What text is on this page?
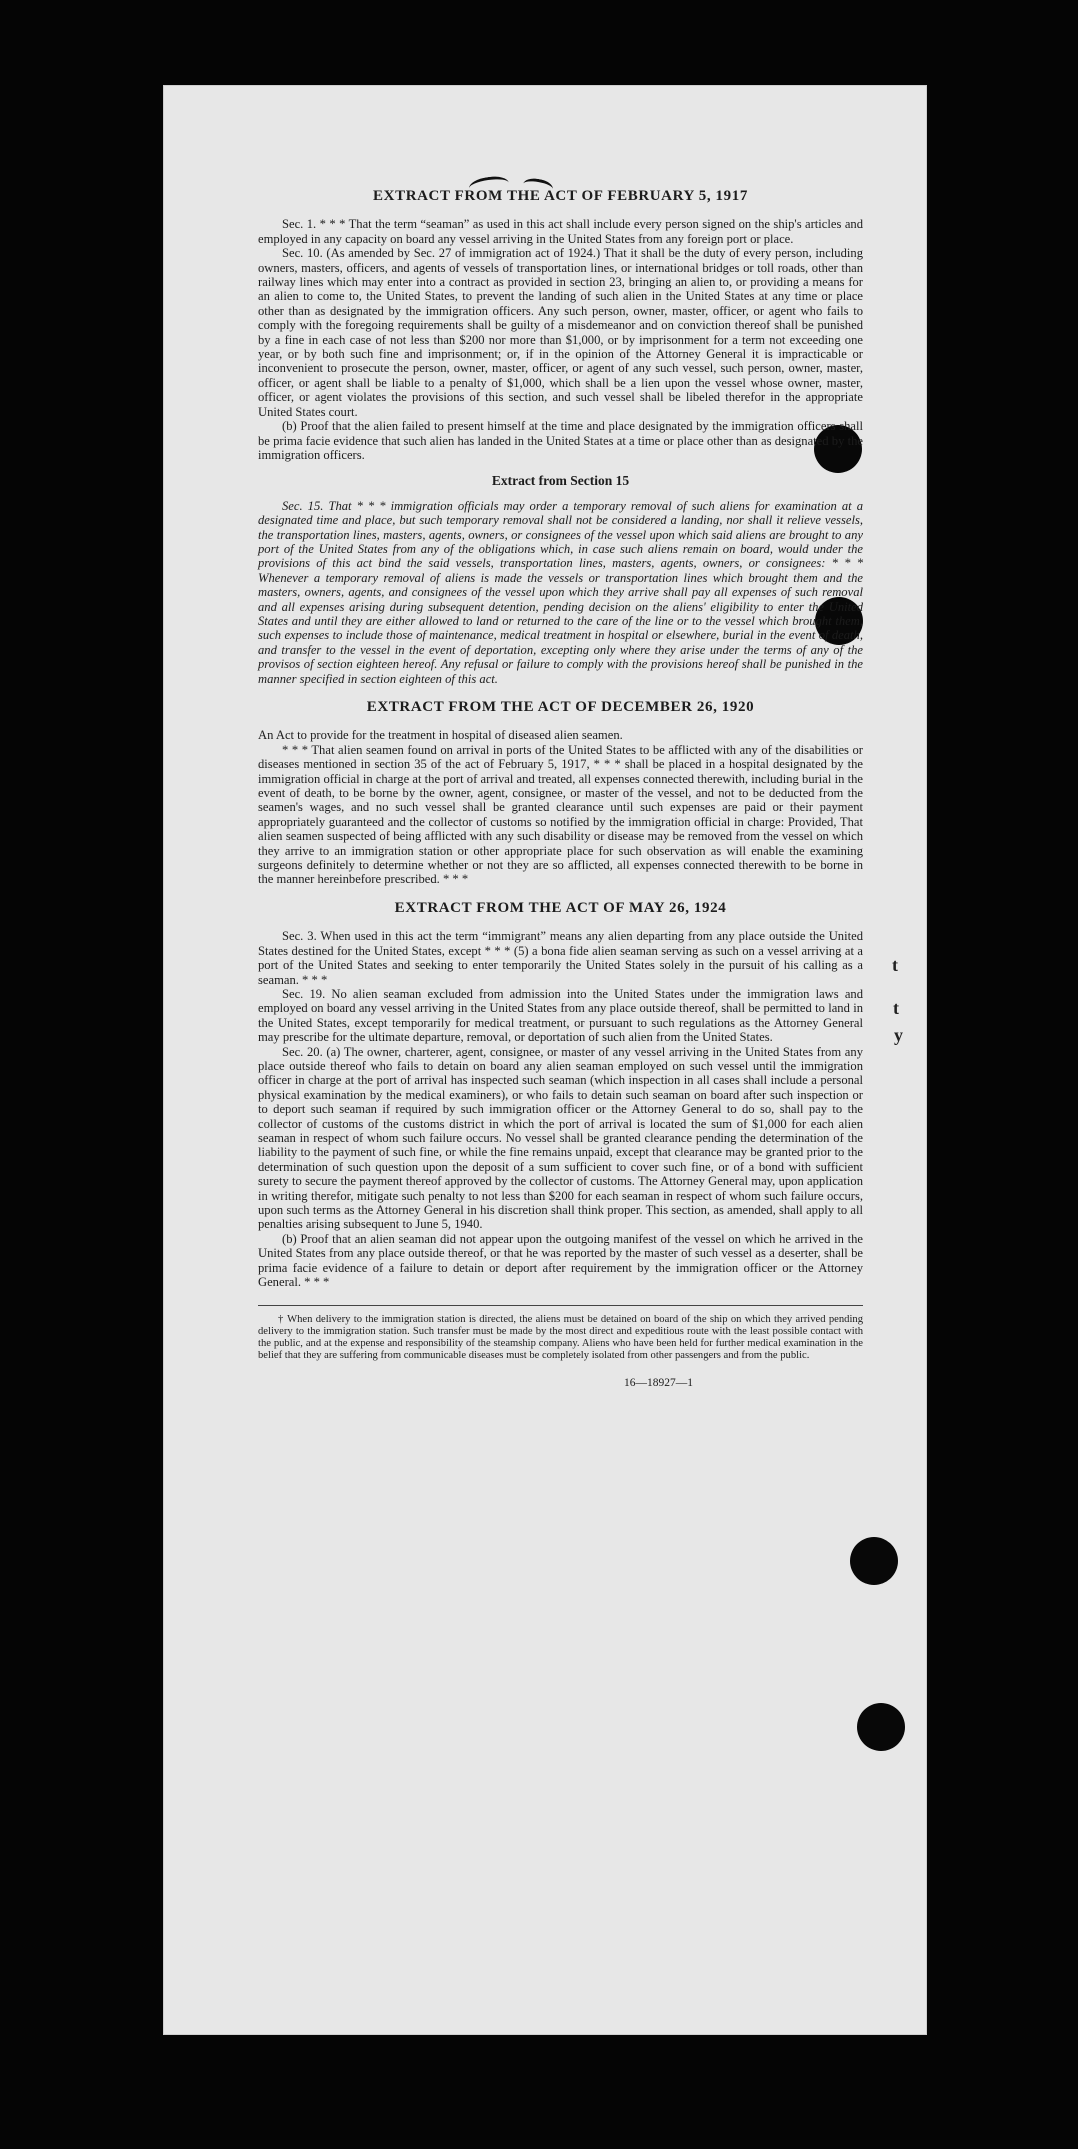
t
t
y
EXTRACT FROM THE ACT OF FEBRUARY 5, 1917

Sec. 1. * * * That the term “seaman” as used in this act shall include every person signed on the ship's articles and employed in any capacity on board any vessel arriving in the United States from any foreign port or place.

Sec. 10. (As amended by Sec. 27 of immigration act of 1924.) That it shall be the duty of every person, including owners, masters, officers, and agents of vessels of transportation lines, or international bridges or toll roads, other than railway lines which may enter into a contract as provided in section 23, bringing an alien to, or providing a means for an alien to come to, the United States, to prevent the landing of such alien in the United States at any time or place other than as designated by the immigration officers. Any such person, owner, master, officer, or agent who fails to comply with the foregoing requirements shall be guilty of a misdemeanor and on conviction thereof shall be punished by a fine in each case of not less than $200 nor more than $1,000, or by imprisonment for a term not exceeding one year, or by both such fine and imprisonment; or, if in the opinion of the Attorney General it is impracticable or inconvenient to prosecute the person, owner, master, officer, or agent of any such vessel, such person, owner, master, officer, or agent shall be liable to a penalty of $1,000, which shall be a lien upon the vessel whose owner, master, officer, or agent violates the provisions of this section, and such vessel shall be libeled therefor in the appropriate United States court.

(b) Proof that the alien failed to present himself at the time and place designated by the immigration officers shall be prima facie evidence that such alien has landed in the United States at a time or place other than as designated by the immigration officers.

Extract from Section 15

Sec. 15. That * * * immigration officials may order a temporary removal of such aliens for examination at a designated time and place, but such temporary removal shall not be considered a landing, nor shall it relieve vessels, the transportation lines, masters, agents, owners, or consignees of the vessel upon which said aliens are brought to any port of the United States from any of the obligations which, in case such aliens remain on board, would under the provisions of this act bind the said vessels, transportation lines, masters, agents, owners, or consignees: * * * Whenever a temporary removal of aliens is made the vessels or transportation lines which brought them and the masters, owners, agents, and consignees of the vessel upon which they arrive shall pay all expenses of such removal and all expenses arising during subsequent detention, pending decision on the aliens' eligibility to enter the United States and until they are either allowed to land or returned to the care of the line or to the vessel which brought them, such expenses to include those of maintenance, medical treatment in hospital or elsewhere, burial in the event of death, and transfer to the vessel in the event of deportation, excepting only where they arise under the terms of any of the provisos of section eighteen hereof. Any refusal or failure to comply with the provisions hereof shall be punished in the manner specified in section eighteen of this act.

EXTRACT FROM THE ACT OF DECEMBER 26, 1920

An Act to provide for the treatment in hospital of diseased alien seamen.

* * * That alien seamen found on arrival in ports of the United States to be afflicted with any of the disabilities or diseases mentioned in section 35 of the act of February 5, 1917, * * * shall be placed in a hospital designated by the immigration official in charge at the port of arrival and treated, all expenses connected therewith, including burial in the event of death, to be borne by the owner, agent, consignee, or master of the vessel, and not to be deducted from the seamen's wages, and no such vessel shall be granted clearance until such expenses are paid or their payment appropriately guaranteed and the collector of customs so notified by the immigration official in charge: Provided, That alien seamen suspected of being afflicted with any such disability or disease may be removed from the vessel on which they arrive to an immigration station or other appropriate place for such observation as will enable the examining surgeons definitely to determine whether or not they are so afflicted, all expenses connected therewith to be borne in the manner hereinbefore prescribed. * * *

EXTRACT FROM THE ACT OF MAY 26, 1924

Sec. 3. When used in this act the term “immigrant” means any alien departing from any place outside the United States destined for the United States, except * * * (5) a bona fide alien seaman serving as such on a vessel arriving at a port of the United States and seeking to enter temporarily the United States solely in the pursuit of his calling as a seaman. * * *

Sec. 19. No alien seaman excluded from admission into the United States under the immigration laws and employed on board any vessel arriving in the United States from any place outside thereof, shall be permitted to land in the United States, except temporarily for medical treatment, or pursuant to such regulations as the Attorney General may prescribe for the ultimate departure, removal, or deportation of such alien from the United States.

Sec. 20. (a) The owner, charterer, agent, consignee, or master of any vessel arriving in the United States from any place outside thereof who fails to detain on board any alien seaman employed on such vessel until the immigration officer in charge at the port of arrival has inspected such seaman (which inspection in all cases shall include a personal physical examination by the medical examiners), or who fails to detain such seaman on board after such inspection or to deport such seaman if required by such immigration officer or the Attorney General to do so, shall pay to the collector of customs of the customs district in which the port of arrival is located the sum of $1,000 for each alien seaman in respect of whom such failure occurs. No vessel shall be granted clearance pending the determination of the liability to the payment of such fine, or while the fine remains unpaid, except that clearance may be granted prior to the determination of such question upon the deposit of a sum sufficient to cover such fine, or of a bond with sufficient surety to secure the payment thereof approved by the collector of customs. The Attorney General may, upon application in writing therefor, mitigate such penalty to not less than $200 for each seaman in respect of whom such failure occurs, upon such terms as the Attorney General in his discretion shall think proper. This section, as amended, shall apply to all penalties arising subsequent to June 5, 1940.

(b) Proof that an alien seaman did not appear upon the outgoing manifest of the vessel on which he arrived in the United States from any place outside thereof, or that he was reported by the master of such vessel as a deserter, shall be prima facie evidence of a failure to detain or deport after requirement by the immigration officer or the Attorney General. * * *

† When delivery to the immigration station is directed, the aliens must be detained on board of the ship on which they arrived pending delivery to the immigration station. Such transfer must be made by the most direct and expeditious route with the least possible contact with the public, and at the expense and responsibility of the steamship company. Aliens who have been held for further medical examination in the belief that they are suffering from communicable diseases must be completely isolated from other passengers and from the public.

16—18927—1
